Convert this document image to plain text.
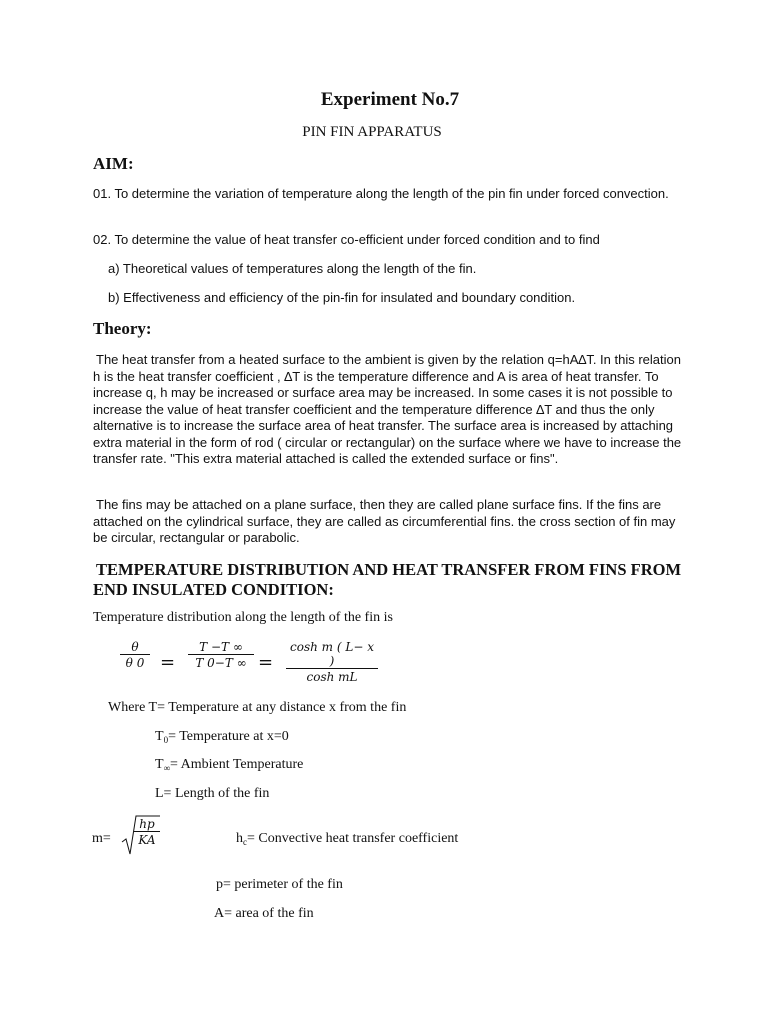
Experiment No.7
PIN FIN APPARATUS
AIM:
01. To determine the variation of temperature along the length of the pin fin under forced convection.
02. To determine the value of heat transfer co-efficient under forced condition and to find
a) Theoretical values of temperatures along the length of the fin.
b) Effectiveness and efficiency of the pin-fin for insulated and boundary condition.
Theory:
The heat transfer from a heated surface to the ambient is given by the relation q=hA∆T. In this relation h is the heat transfer coefficient , ∆T is the temperature difference and A is area of heat transfer. To increase q, h may be increased or surface area may be increased. In some cases it is not possible to increase the value of heat transfer coefficient and the temperature difference ∆T and thus the only alternative is to increase the surface area of heat transfer. The surface area is increased by attaching extra material in the form of rod ( circular or rectangular) on the surface where we have to increase the transfer rate. "This extra material attached is called the extended surface or fins".
The fins may be attached on a plane surface, then they are called plane surface fins. If the fins are attached on the cylindrical surface, they are called as circumferential fins. the cross section of fin may be circular, rectangular or parabolic.
TEMPERATURE DISTRIBUTION AND HEAT TRANSFER FROM FINS FROM END INSULATED CONDITION:
Temperature distribution along the length of the fin is
$\frac{\theta}{\theta 0} = \frac{T -T \infty}{T 0-T \infty} = \frac{\text{cosh m ( L− x )}}{\text{cosh mL}}$
Where T= Temperature at any distance x from the fin
$T_0=$ Temperature at x=0
$T_\infty=$ Ambient Temperature
L= Length of the fin
$m= \frac{hp}{KA}$	$h_c=$ Convective heat transfer coefficient
p= perimeter of the fin
A= area of the fin
